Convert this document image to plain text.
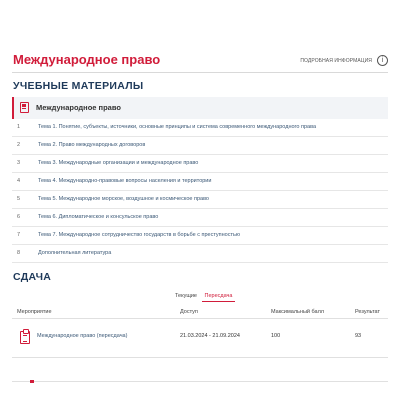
Международное право	ПОДРОБНАЯ ИНФОРМАЦИЯ	i
УЧЕБНЫЕ МАТЕРИАЛЫ
Международное право
1	Тема 1. Понятие, субъекты, источники, основные принципы и система современного международного права
2	Тема 2. Право международных договоров
3	Тема 3. Международные организации и международное право
4	Тема 4. Международно-правовые вопросы населения и территории
5	Тема 5. Международное морское, воздушное и космическое право
6	Тема 6. Дипломатическое и консульское право
7	Тема 7. Международное сотрудничество государств в борьбе с преступностью
8	Дополнительная литература
СДАЧА
Текущие Пересдача
Мероприятие	Доступ	Максимальный балл	Результат
Международное право (пересдача)	21.03.2024 - 21.09.2024	100	93
